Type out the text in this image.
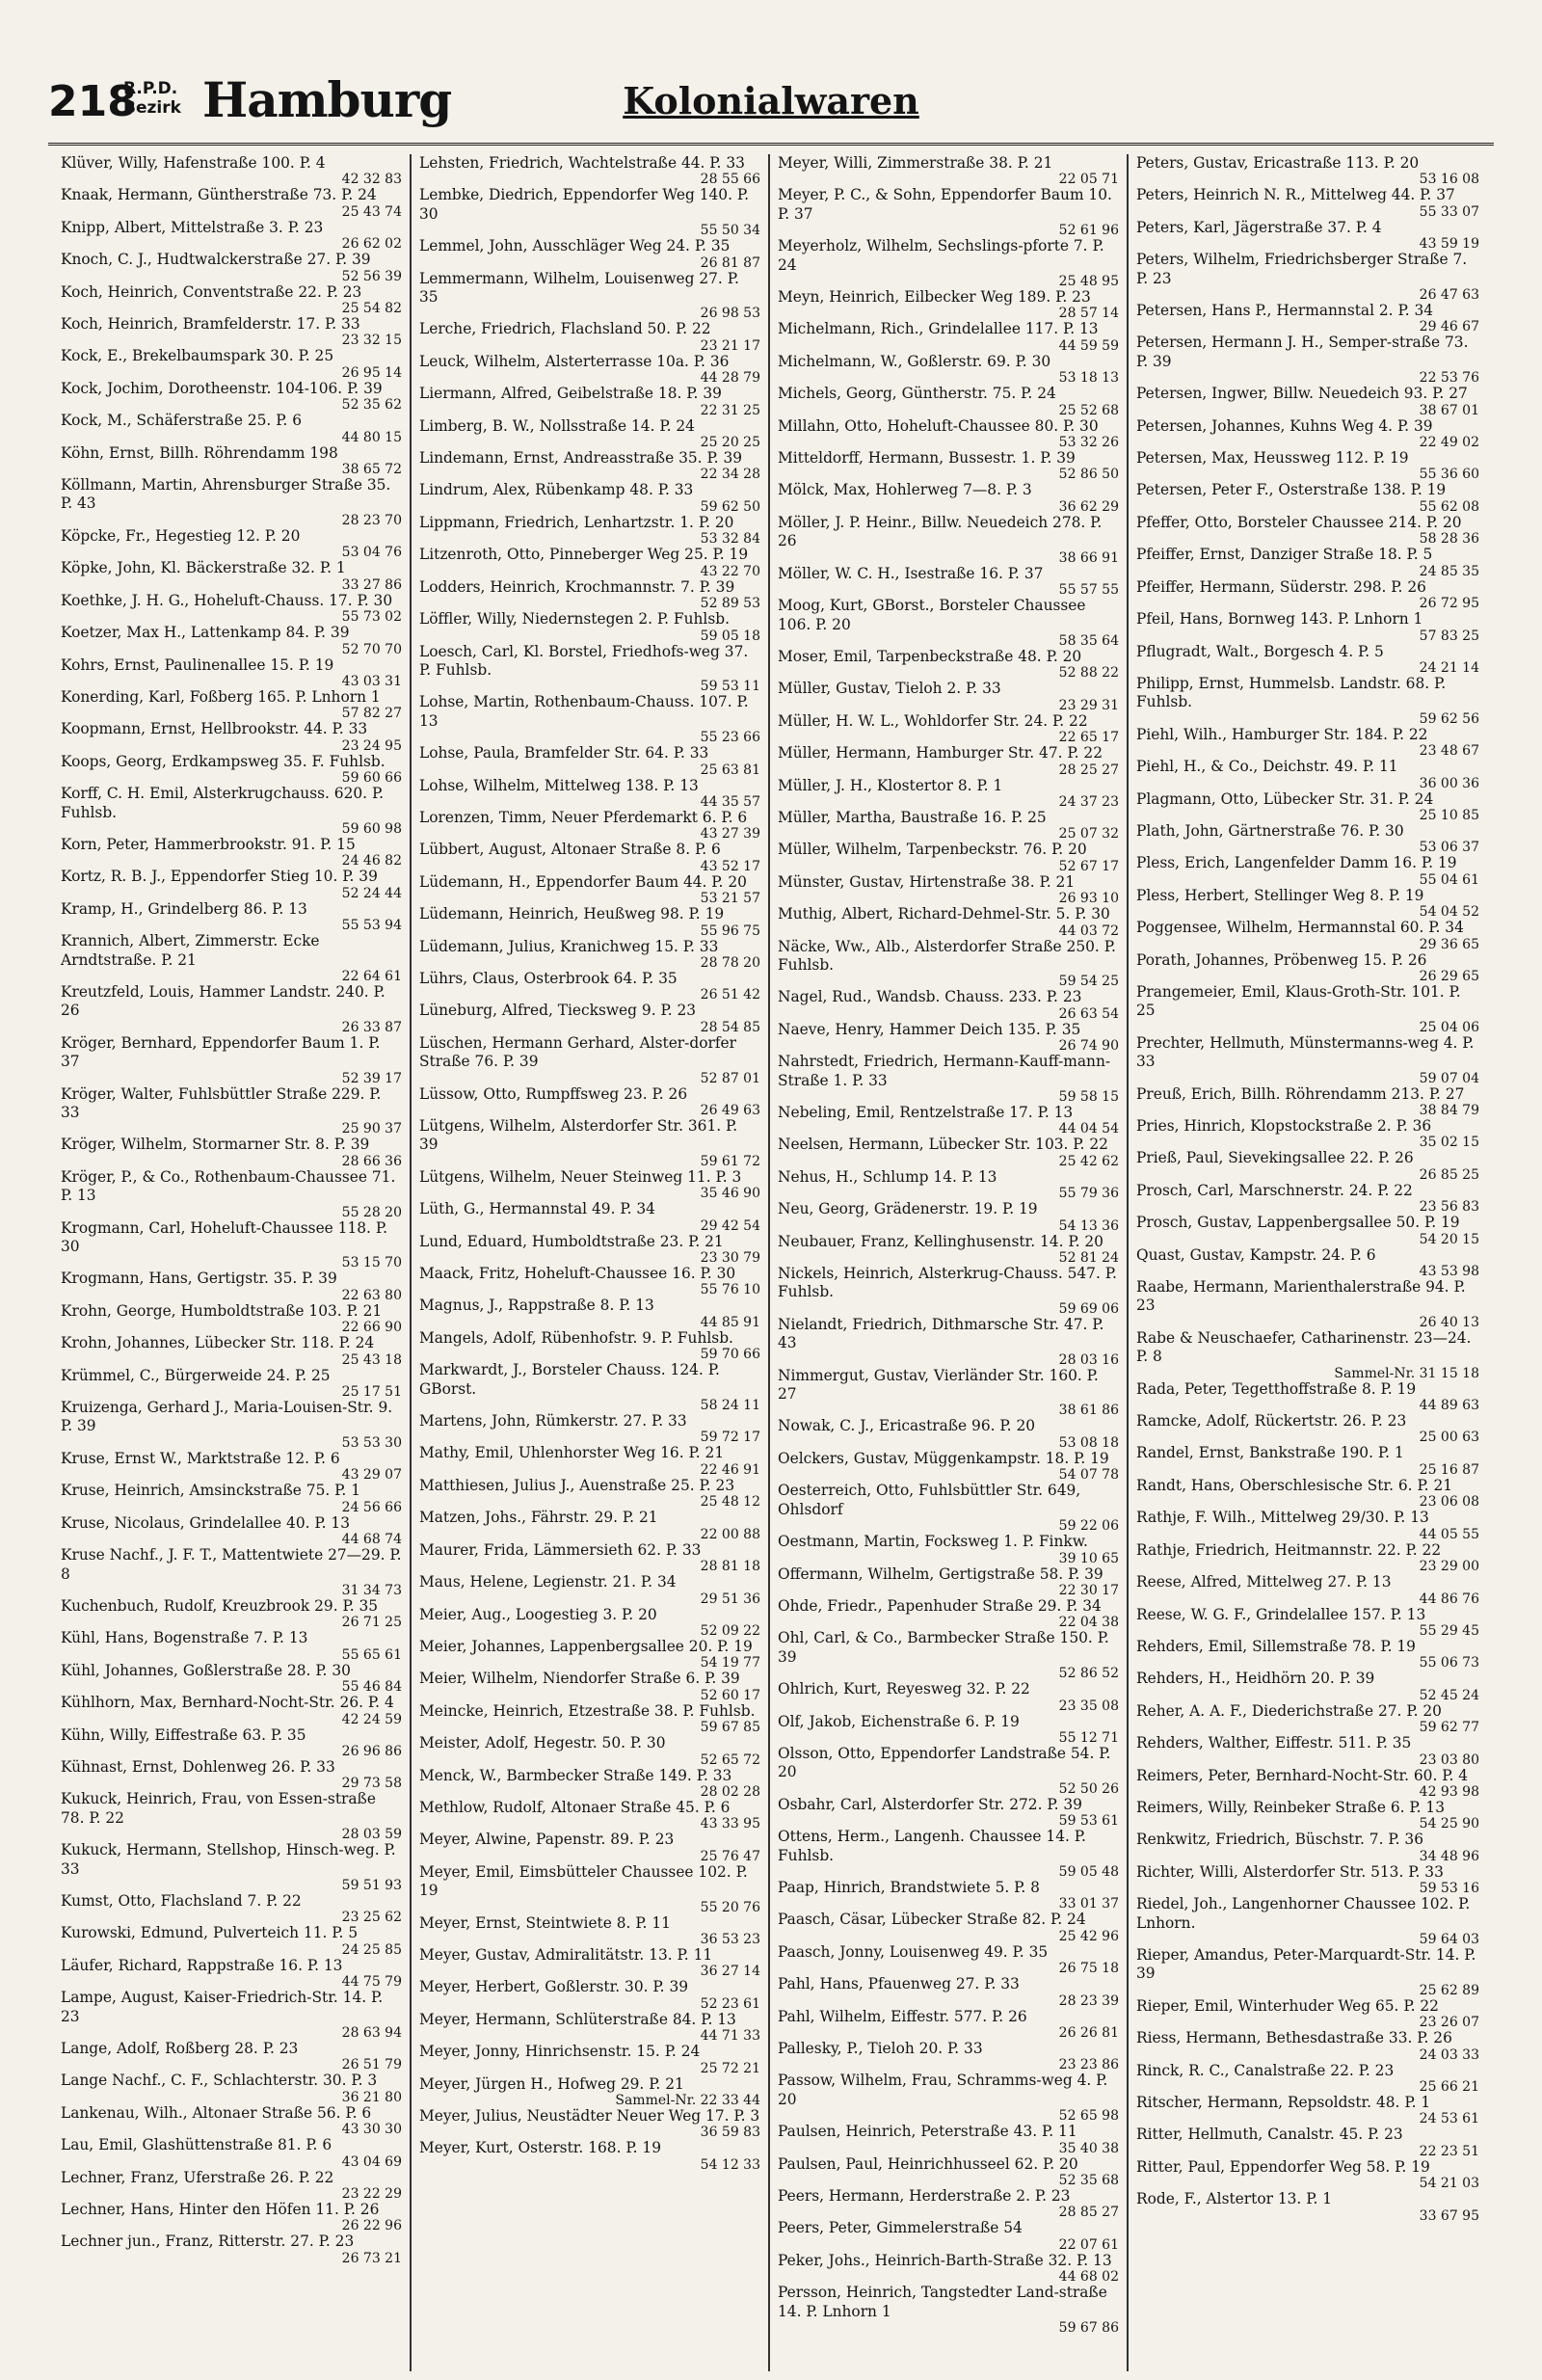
218
R.P.D.
Bezirk Hamburg	Kolonialwaren
Klüver, Willy, Hafenstraße 100. P. 4
42 32 83
Knaak, Hermann, Güntherstraße 73. P. 24
25 43 74
Knipp, Albert, Mittelstraße 3. P. 23
26 62 02
Knoch, C. J., Hudtwalckerstraße 27. P. 39
52 56 39
Koch, Heinrich, Conventstraße 22. P. 23
25 54 82
Koch, Heinrich, Bramfelderstr. 17. P. 33
23 32 15
Kock, E., Brekelbaumspark 30. P. 25
26 95 14
Kock, Jochim, Dorotheenstr. 104-106. P. 39
52 35 62
Kock, M., Schäferstraße 25. P. 6
44 80 15
Köhn, Ernst, Billh. Röhrendamm 198
38 65 72
Köllmann, Martin, Ahrensburger Straße 35. P. 43
28 23 70
Köpcke, Fr., Hegestieg 12. P. 20
53 04 76
Köpke, John, Kl. Bäckerstraße 32. P. 1
33 27 86
Koethke, J. H. G., Hoheluft-Chauss. 17. P. 30
55 73 02
Koetzer, Max H., Lattenkamp 84. P. 39
52 70 70
Kohrs, Ernst, Paulinenallee 15. P. 19
43 03 31
Konerding, Karl, Foßberg 165. P. Lnhorn 1
57 82 27
Koopmann, Ernst, Hellbrookstr. 44. P. 33
23 24 95
Koops, Georg, Erdkampsweg 35. F. Fuhlsb.
59 60 66
Korff, C. H. Emil, Alsterkrugchauss. 620. P. Fuhlsb.
59 60 98
Korn, Peter, Hammerbrookstr. 91. P. 15
24 46 82
Kortz, R. B. J., Eppendorfer Stieg 10. P. 39
52 24 44
Kramp, H., Grindelberg 86. P. 13
55 53 94
Krannich, Albert, Zimmerstr. Ecke Arndtstraße. P. 21
22 64 61
Kreutzfeld, Louis, Hammer Landstr. 240. P. 26
26 33 87
Kröger, Bernhard, Eppendorfer Baum 1. P. 37
52 39 17
Kröger, Walter, Fuhlsbüttler Straße 229. P. 33
25 90 37
Kröger, Wilhelm, Stormarner Str. 8. P. 39
28 66 36
Kröger, P., & Co., Rothenbaum-Chaussee 71. P. 13
55 28 20
Krogmann, Carl, Hoheluft-Chaussee 118. P. 30
53 15 70
Krogmann, Hans, Gertigstr. 35. P. 39
22 63 80
Krohn, George, Humboldtstraße 103. P. 21
22 66 90
Krohn, Johannes, Lübecker Str. 118. P. 24
25 43 18
Krümmel, C., Bürgerweide 24. P. 25
25 17 51
Kruizenga, Gerhard J., Maria-Louisen-Str. 9. P. 39
53 53 30
Kruse, Ernst W., Marktstraße 12. P. 6
43 29 07
Kruse, Heinrich, Amsinckstraße 75. P. 1
24 56 66
Kruse, Nicolaus, Grindelallee 40. P. 13
44 68 74
Kruse Nachf., J. F. T., Mattentwiete 27—29. P. 8
31 34 73
Kuchenbuch, Rudolf, Kreuzbrook 29. P. 35
26 71 25
Kühl, Hans, Bogenstraße 7. P. 13
55 65 61
Kühl, Johannes, Goßlerstraße 28. P. 30
55 46 84
Kühlhorn, Max, Bernhard-Nocht-Str. 26. P. 4
42 24 59
Kühn, Willy, Eiffestraße 63. P. 35
26 96 86
Kühnast, Ernst, Dohlenweg 26. P. 33
29 73 58
Kukuck, Heinrich, Frau, von Essen-straße 78. P. 22
28 03 59
Kukuck, Hermann, Stellshop, Hinsch-weg. P. 33
59 51 93
Kumst, Otto, Flachsland 7. P. 22
23 25 62
Kurowski, Edmund, Pulverteich 11. P. 5
24 25 85
Läufer, Richard, Rappstraße 16. P. 13
44 75 79
Lampe, August, Kaiser-Friedrich-Str. 14. P. 23
28 63 94
Lange, Adolf, Roßberg 28. P. 23
26 51 79
Lange Nachf., C. F., Schlachterstr. 30. P. 3
36 21 80
Lankenau, Wilh., Altonaer Straße 56. P. 6
43 30 30
Lau, Emil, Glashüttenstraße 81. P. 6
43 04 69
Lechner, Franz, Uferstraße 26. P. 22
23 22 29
Lechner, Hans, Hinter den Höfen 11. P. 26
26 22 96
Lechner jun., Franz, Ritterstr. 27. P. 23
26 73 21
Lehsten, Friedrich, Wachtelstraße 44. P. 33
28 55 66
Lembke, Diedrich, Eppendorfer Weg 140. P. 30
55 50 34
Lemmel, John, Ausschläger Weg 24. P. 35
26 81 87
Lemmermann, Wilhelm, Louisenweg 27. P. 35
26 98 53
Lerche, Friedrich, Flachsland 50. P. 22
23 21 17
Leuck, Wilhelm, Alsterterrasse 10a. P. 36
44 28 79
Liermann, Alfred, Geibelstraße 18. P. 39
22 31 25
Limberg, B. W., Nollsstraße 14. P. 24
25 20 25
Lindemann, Ernst, Andreasstraße 35. P. 39
22 34 28
Lindrum, Alex, Rübenkamp 48. P. 33
59 62 50
Lippmann, Friedrich, Lenhartzstr. 1. P. 20
53 32 84
Litzenroth, Otto, Pinneberger Weg 25. P. 19
43 22 70
Lodders, Heinrich, Krochmannstr. 7. P. 39
52 89 53
Löffler, Willy, Niedernstegen 2. P. Fuhlsb.
59 05 18
Loesch, Carl, Kl. Borstel, Friedhofs-weg 37. P. Fuhlsb.
59 53 11
Lohse, Martin, Rothenbaum-Chauss. 107. P. 13
55 23 66
Lohse, Paula, Bramfelder Str. 64. P. 33
25 63 81
Lohse, Wilhelm, Mittelweg 138. P. 13
44 35 57
Lorenzen, Timm, Neuer Pferdemarkt 6. P. 6
43 27 39
Lübbert, August, Altonaer Straße 8. P. 6
43 52 17
Lüdemann, H., Eppendorfer Baum 44. P. 20
53 21 57
Lüdemann, Heinrich, Heußweg 98. P. 19
55 96 75
Lüdemann, Julius, Kranichweg 15. P. 33
28 78 20
Lührs, Claus, Osterbrook 64. P. 35
26 51 42
Lüneburg, Alfred, Tiecksweg 9. P. 23
28 54 85
Lüschen, Hermann Gerhard, Alster-dorfer Straße 76. P. 39
52 87 01
Lüssow, Otto, Rumpffsweg 23. P. 26
26 49 63
Lütgens, Wilhelm, Alsterdorfer Str. 361. P. 39
59 61 72
Lütgens, Wilhelm, Neuer Steinweg 11. P. 3
35 46 90
Lüth, G., Hermannstal 49. P. 34
29 42 54
Lund, Eduard, Humboldtstraße 23. P. 21
23 30 79
Maack, Fritz, Hoheluft-Chaussee 16. P. 30
55 76 10
Magnus, J., Rappstraße 8. P. 13
44 85 91
Mangels, Adolf, Rübenhofstr. 9. P. Fuhlsb.
59 70 66
Markwardt, J., Borsteler Chauss. 124. P. GBorst.
58 24 11
Martens, John, Rümkerstr. 27. P. 33
59 72 17
Mathy, Emil, Uhlenhorster Weg 16. P. 21
22 46 91
Matthiesen, Julius J., Auenstraße 25. P. 23
25 48 12
Matzen, Johs., Fährstr. 29. P. 21
22 00 88
Maurer, Frida, Lämmersieth 62. P. 33
28 81 18
Maus, Helene, Legienstr. 21. P. 34
29 51 36
Meier, Aug., Loogestieg 3. P. 20
52 09 22
Meier, Johannes, Lappenbergsallee 20. P. 19
54 19 77
Meier, Wilhelm, Niendorfer Straße 6. P. 39
52 60 17
Meincke, Heinrich, Etzestraße 38. P. Fuhlsb.
59 67 85
Meister, Adolf, Hegestr. 50. P. 30
52 65 72
Menck, W., Barmbecker Straße 149. P. 33
28 02 28
Methlow, Rudolf, Altonaer Straße 45. P. 6
43 33 95
Meyer, Alwine, Papenstr. 89. P. 23
25 76 47
Meyer, Emil, Eimsbütteler Chaussee 102. P. 19
55 20 76
Meyer, Ernst, Steintwiete 8. P. 11
36 53 23
Meyer, Gustav, Admiralitätstr. 13. P. 11
36 27 14
Meyer, Herbert, Goßlerstr. 30. P. 39
52 23 61
Meyer, Hermann, Schlüterstraße 84. P. 13
44 71 33
Meyer, Jonny, Hinrichsenstr. 15. P. 24
25 72 21
Meyer, Jürgen H., Hofweg 29. P. 21
Sammel-Nr. 22 33 44
Meyer, Julius, Neustädter Neuer Weg 17. P. 3
36 59 83
Meyer, Kurt, Osterstr. 168. P. 19
54 12 33
Meyer, Willi, Zimmerstraße 38. P. 21
22 05 71
Meyer, P. C., & Sohn, Eppendorfer Baum 10. P. 37
52 61 96
Meyerholz, Wilhelm, Sechslings-pforte 7. P. 24
25 48 95
Meyn, Heinrich, Eilbecker Weg 189. P. 23
28 57 14
Michelmann, Rich., Grindelallee 117. P. 13
44 59 59
Michelmann, W., Goßlerstr. 69. P. 30
53 18 13
Michels, Georg, Güntherstr. 75. P. 24
25 52 68
Millahn, Otto, Hoheluft-Chaussee 80. P. 30
53 32 26
Mitteldorff, Hermann, Bussestr. 1. P. 39
52 86 50
Mölck, Max, Hohlerweg 7—8. P. 3
36 62 29
Möller, J. P. Heinr., Billw. Neuedeich 278. P. 26
38 66 91
Möller, W. C. H., Isestraße 16. P. 37
55 57 55
Moog, Kurt, GBorst., Borsteler Chaussee 106. P. 20
58 35 64
Moser, Emil, Tarpenbeckstraße 48. P. 20
52 88 22
Müller, Gustav, Tieloh 2. P. 33
23 29 31
Müller, H. W. L., Wohldorfer Str. 24. P. 22
22 65 17
Müller, Hermann, Hamburger Str. 47. P. 22
28 25 27
Müller, J. H., Klostertor 8. P. 1
24 37 23
Müller, Martha, Baustraße 16. P. 25
25 07 32
Müller, Wilhelm, Tarpenbeckstr. 76. P. 20
52 67 17
Münster, Gustav, Hirtenstraße 38. P. 21
26 93 10
Muthig, Albert, Richard-Dehmel-Str. 5. P. 30
44 03 72
Näcke, Ww., Alb., Alsterdorfer Straße 250. P. Fuhlsb.
59 54 25
Nagel, Rud., Wandsb. Chauss. 233. P. 23
26 63 54
Naeve, Henry, Hammer Deich 135. P. 35
26 74 90
Nahrstedt, Friedrich, Hermann-Kauff-mann-Straße 1. P. 33
59 58 15
Nebeling, Emil, Rentzelstraße 17. P. 13
44 04 54
Neelsen, Hermann, Lübecker Str. 103. P. 22
25 42 62
Nehus, H., Schlump 14. P. 13
55 79 36
Neu, Georg, Grädenerstr. 19. P. 19
54 13 36
Neubauer, Franz, Kellinghusenstr. 14. P. 20
52 81 24
Nickels, Heinrich, Alsterkrug-Chauss. 547. P. Fuhlsb.
59 69 06
Nielandt, Friedrich, Dithmarsche Str. 47. P. 43
28 03 16
Nimmergut, Gustav, Vierländer Str. 160. P. 27
38 61 86
Nowak, C. J., Ericastraße 96. P. 20
53 08 18
Oelckers, Gustav, Müggenkampstr. 18. P. 19
54 07 78
Oesterreich, Otto, Fuhlsbüttler Str. 649, Ohlsdorf
59 22 06
Oestmann, Martin, Focksweg 1. P. Finkw.
39 10 65
Offermann, Wilhelm, Gertigstraße 58. P. 39
22 30 17
Ohde, Friedr., Papenhuder Straße 29. P. 34
22 04 38
Ohl, Carl, & Co., Barmbecker Straße 150. P. 39
52 86 52
Ohlrich, Kurt, Reyesweg 32. P. 22
23 35 08
Olf, Jakob, Eichenstraße 6. P. 19
55 12 71
Olsson, Otto, Eppendorfer Landstraße 54. P. 20
52 50 26
Osbahr, Carl, Alsterdorfer Str. 272. P. 39
59 53 61
Ottens, Herm., Langenh. Chaussee 14. P. Fuhlsb.
59 05 48
Paap, Hinrich, Brandstwiete 5. P. 8
33 01 37
Paasch, Cäsar, Lübecker Straße 82. P. 24
25 42 96
Paasch, Jonny, Louisenweg 49. P. 35
26 75 18
Pahl, Hans, Pfauenweg 27. P. 33
28 23 39
Pahl, Wilhelm, Eiffestr. 577. P. 26
26 26 81
Pallesky, P., Tieloh 20. P. 33
23 23 86
Passow, Wilhelm, Frau, Schramms-weg 4. P. 20
52 65 98
Paulsen, Heinrich, Peterstraße 43. P. 11
35 40 38
Paulsen, Paul, Heinrichhusseel 62. P. 20
52 35 68
Peers, Hermann, Herderstraße 2. P. 23
28 85 27
Peers, Peter, Gimmelerstraße 54
22 07 61
Peker, Johs., Heinrich-Barth-Straße 32. P. 13
44 68 02
Persson, Heinrich, Tangstedter Land-straße 14. P. Lnhorn 1
59 67 86
Peters, Gustav, Ericastraße 113. P. 20
53 16 08
Peters, Heinrich N. R., Mittelweg 44. P. 37
55 33 07
Peters, Karl, Jägerstraße 37. P. 4
43 59 19
Peters, Wilhelm, Friedrichsberger Straße 7. P. 23
26 47 63
Petersen, Hans P., Hermannstal 2. P. 34
29 46 67
Petersen, Hermann J. H., Semper-straße 73. P. 39
22 53 76
Petersen, Ingwer, Billw. Neuedeich 93. P. 27
38 67 01
Petersen, Johannes, Kuhns Weg 4. P. 39
22 49 02
Petersen, Max, Heussweg 112. P. 19
55 36 60
Petersen, Peter F., Osterstraße 138. P. 19
55 62 08
Pfeffer, Otto, Borsteler Chaussee 214. P. 20
58 28 36
Pfeiffer, Ernst, Danziger Straße 18. P. 5
24 85 35
Pfeiffer, Hermann, Süderstr. 298. P. 26
26 72 95
Pfeil, Hans, Bornweg 143. P. Lnhorn 1
57 83 25
Pflugradt, Walt., Borgesch 4. P. 5
24 21 14
Philipp, Ernst, Hummelsb. Landstr. 68. P. Fuhlsb.
59 62 56
Piehl, Wilh., Hamburger Str. 184. P. 22
23 48 67
Piehl, H., & Co., Deichstr. 49. P. 11
36 00 36
Plagmann, Otto, Lübecker Str. 31. P. 24
25 10 85
Plath, John, Gärtnerstraße 76. P. 30
53 06 37
Pless, Erich, Langenfelder Damm 16. P. 19
55 04 61
Pless, Herbert, Stellinger Weg 8. P. 19
54 04 52
Poggensee, Wilhelm, Hermannstal 60. P. 34
29 36 65
Porath, Johannes, Pröbenweg 15. P. 26
26 29 65
Prangemeier, Emil, Klaus-Groth-Str. 101. P. 25
25 04 06
Prechter, Hellmuth, Münstermanns-weg 4. P. 33
59 07 04
Preuß, Erich, Billh. Röhrendamm 213. P. 27
38 84 79
Pries, Hinrich, Klopstockstraße 2. P. 36
35 02 15
Prieß, Paul, Sievekingsallee 22. P. 26
26 85 25
Prosch, Carl, Marschnerstr. 24. P. 22
23 56 83
Prosch, Gustav, Lappenbergsallee 50. P. 19
54 20 15
Quast, Gustav, Kampstr. 24. P. 6
43 53 98
Raabe, Hermann, Marienthalerstraße 94. P. 23
26 40 13
Rabe & Neuschaefer, Catharinenstr. 23—24. P. 8
Sammel-Nr. 31 15 18
Rada, Peter, Tegetthoffstraße 8. P. 19
44 89 63
Ramcke, Adolf, Rückertstr. 26. P. 23
25 00 63
Randel, Ernst, Bankstraße 190. P. 1
25 16 87
Randt, Hans, Oberschlesische Str. 6. P. 21
23 06 08
Rathje, F. Wilh., Mittelweg 29/30. P. 13
44 05 55
Rathje, Friedrich, Heitmannstr. 22. P. 22
23 29 00
Reese, Alfred, Mittelweg 27. P. 13
44 86 76
Reese, W. G. F., Grindelallee 157. P. 13
55 29 45
Rehders, Emil, Sillemstraße 78. P. 19
55 06 73
Rehders, H., Heidhörn 20. P. 39
52 45 24
Reher, A. A. F., Diederichstraße 27. P. 20
59 62 77
Rehders, Walther, Eiffestr. 511. P. 35
23 03 80
Reimers, Peter, Bernhard-Nocht-Str. 60. P. 4
42 93 98
Reimers, Willy, Reinbeker Straße 6. P. 13
54 25 90
Renkwitz, Friedrich, Büschstr. 7. P. 36
34 48 96
Richter, Willi, Alsterdorfer Str. 513. P. 33
59 53 16
Riedel, Joh., Langenhorner Chaussee 102. P. Lnhorn.
59 64 03
Rieper, Amandus, Peter-Marquardt-Str. 14. P. 39
25 62 89
Rieper, Emil, Winterhuder Weg 65. P. 22
23 26 07
Riess, Hermann, Bethesdastraße 33. P. 26
24 03 33
Rinck, R. C., Canalstraße 22. P. 23
25 66 21
Ritscher, Hermann, Repsoldstr. 48. P. 1
24 53 61
Ritter, Hellmuth, Canalstr. 45. P. 23
22 23 51
Ritter, Paul, Eppendorfer Weg 58. P. 19
54 21 03
Rode, F., Alstertor 13. P. 1
33 67 95
